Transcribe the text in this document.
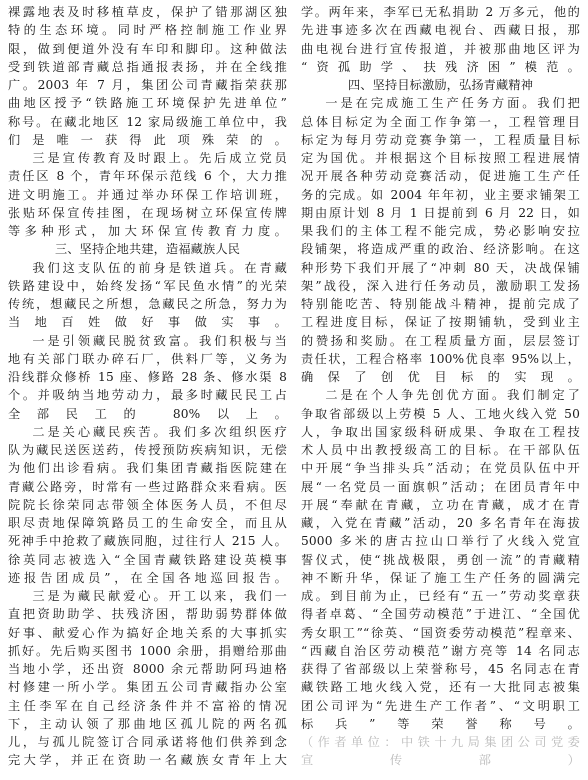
裸露地表及时移植草皮，保护了错那湖区独
特的生态环境。同时严格控制施工作业界
限，做到便道外没有车印和脚印。这种做法
受到铁道部青藏总指通报表扬，并在全线推
广。2003 年 7 月，集团公司青藏指荣获那
曲地区授予“铁路施工环境保护先进单位”
称号。在藏北地区 12 家局级施工单位中，我
们是唯一获得此项殊荣的。
三是宣传教育及时跟上。先后成立党员
责任区 8 个，青年环保示范线 6 个，大力推
进文明施工。并通过举办环保工作培训班，
张贴环保宣传挂图，在现场树立环保宣传牌
等多种形式，加大环保宣传教育力度。
三、坚持企地共建，造福藏族人民
我们这支队伍的前身是铁道兵。在青藏
铁路建设中，始终发扬“军民鱼水情”的光荣
传统，想藏民之所想，急藏民之所急，努力为
当地百姓做好事做实事。
一是引领藏民脱贫致富。我们积极与当
地有关部门联办碎石厂，供料厂等，义务为
沿线群众修桥 15 座、修路 28 条、修水渠 8
个。并吸纳当地劳动力，最多时藏民民工占
全部民工的 80%以上。
二是关心藏民疾苦。我们多次组织医疗
队为藏民送医送药，传授预防疾病知识，无偿
为他们出诊看病。我们集团青藏指医院建在
青藏公路旁，时常有一些过路群众来看病。医
院院长徐荣同志带领全体医务人员，不但尽
职尽责地保障筑路员工的生命安全，而且从
死神手中抢救了藏族同胞，过往行人 215 人。
徐英同志被选入“全国青藏铁路建设英模事
迹报告团成员”，在全国各地巡回报告。
三是为藏民献爱心。开工以来，我们一
直把资助助学、扶残济困，帮助弱势群体做
好事、献爱心作为搞好企地关系的大事抓实
抓好。先后购买图书 1000 余册，捐赠给那曲
当地小学，还出资 8000 余元帮助阿玛迪格
村修建一所小学。集团五公司青藏指办公室
主任李军在自己经济条件并不富裕的情况
下，主动认领了那曲地区孤儿院的两名孤
儿，与孤儿院签订合同承诺将他们供养到念
完大学，并正在资助一名藏族女青年上大
学。两年来，李军已无私捐助 2 万多元，他的
先进事迹多次在西藏电视台、西藏日报，那
曲电视台进行宣传报道，并被那曲地区评为
“资孤助学、扶残济困”模范。
四、坚持目标激励，弘扬青藏精神
一是在完成施工生产任务方面。我们把
总体目标定为全面工作争第一，工程管理目
标定为每月劳动竞赛争第一，工程质量目标
定为国优。并根据这个目标按照工程进展情
况开展各种劳动竞赛活动，促进施工生产任
务的完成。如 2004 年年初，业主要求铺架工
期由原计划 8 月 1 日提前到 6 月 22 日，如
果我们的主体工程不能完成，势必影响安拉
段铺架，将造成严重的政治、经济影响。在这
种形势下我们开展了“冲刺 80 天，决战保铺
架”战役，深入进行任务动员，激励职工发扬
特别能吃苦、特别能战斗精神，提前完成了
工程进度目标，保证了按期铺轨，受到业主
的赞扬和奖励。在工程质量方面，层层签订
责任状，工程合格率 100%优良率 95%以上，
确保了创优目标的实现。
二是在个人争先创优方面。我们制定了
争取省部级以上劳模 5 人、工地火线入党 50
人，争取出国家级科研成果、争取在工程技
术人员中出教授级高工的目标。在干部队伍
中开展“争当排头兵”活动；在党员队伍中开
展“一名党员一面旗帜”活动；在团员青年中
开展“奉献在青藏，立功在青藏，成才在青
藏，入党在青藏”活动，20 多名青年在海拔
5000 多米的唐古拉山口举行了火线入党宣
誓仪式，使“挑战极限，勇创一流”的青藏精
神不断升华，保证了施工生产任务的圆满完
成。到目前为止，已经有“五一”劳动奖章获
得者卓葛、“全国劳动模范”于进江、“全国优
秀女职工”“徐英、“国资委劳动模范”程章来、
“西藏自治区劳动模范”谢方亮等 14 名同志
获得了省部级以上荣誉称号，45 名同志在青
藏铁路工地火线入党，还有一大批同志被集
团公司评为“先进生产工作者”、“文明职工
标兵”等荣誉称号。
（作者单位：中铁十九局集团公司党委
宣传部）
